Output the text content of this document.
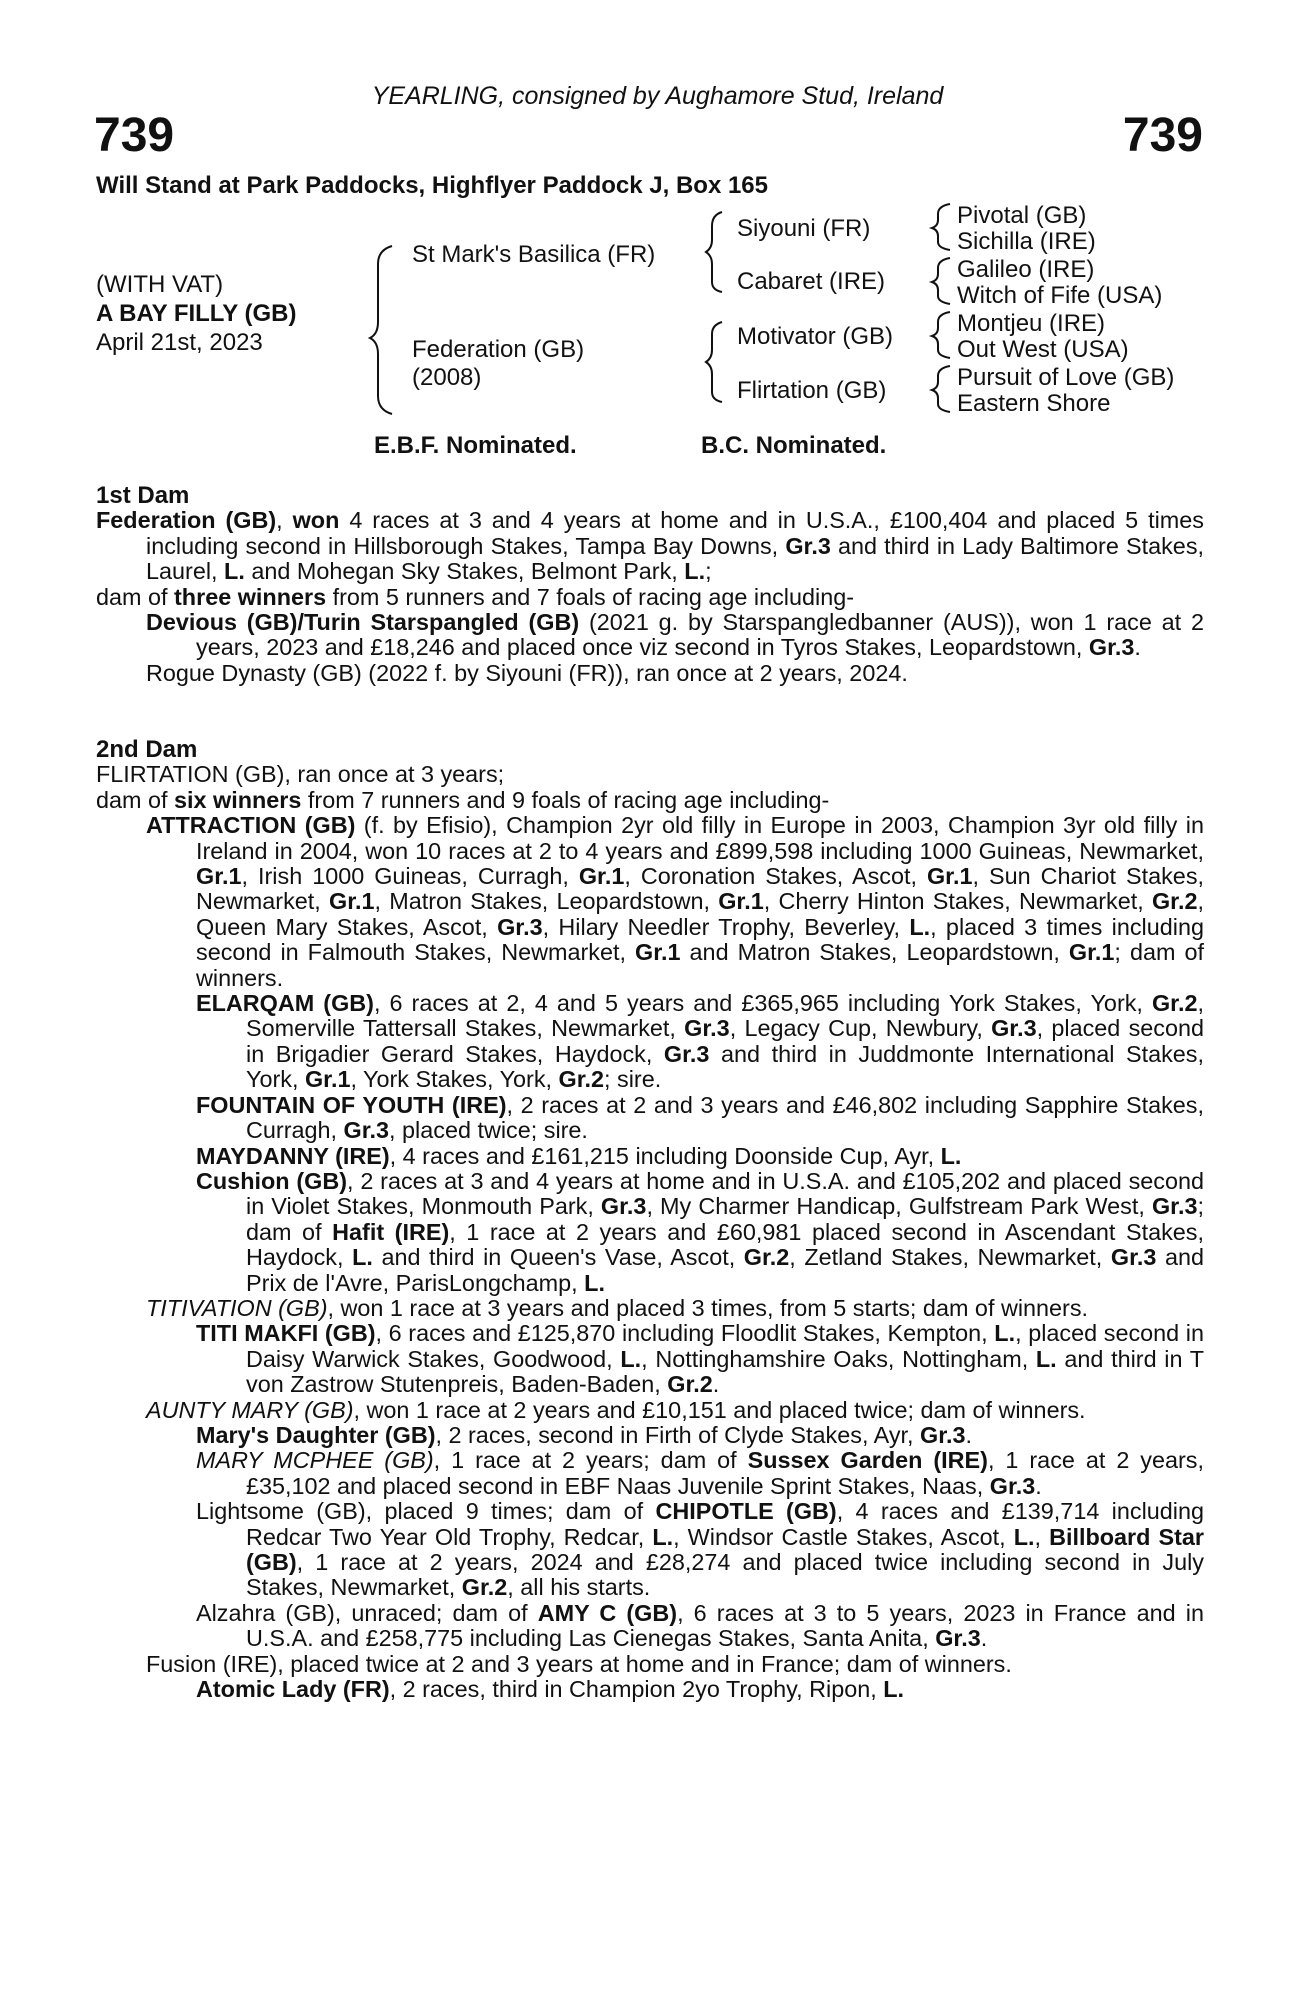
YEARLING, consigned by Aughamore Stud, Ireland
739	739
Will Stand at Park Paddocks, Highflyer Paddock J, Box 165
(WITH VAT)
A BAY FILLY (GB)
April 21st, 2023
St Mark's Basilica (FR)
Federation (GB)
(2008)
Siyouni (FR)
Cabaret (IRE)
Motivator (GB)
Flirtation (GB)
Pivotal (GB)
Sichilla (IRE)
Galileo (IRE)
Witch of Fife (USA)
Montjeu (IRE)
Out West (USA)
Pursuit of Love (GB)
Eastern Shore
E.B.F. Nominated.	B.C. Nominated.
1st Dam

Federation (GB), won 4 races at 3 and 4 years at home and in U.S.A., £100,404 and placed 5 times including second in Hillsborough Stakes, Tampa Bay Downs, Gr.3 and third in Lady Baltimore Stakes, Laurel, L. and Mohegan Sky Stakes, Belmont Park, L.;

dam of three winners from 5 runners and 7 foals of racing age including-

Devious (GB)/Turin Starspangled (GB) (2021 g. by Starspangledbanner (AUS)), won 1 race at 2 years, 2023 and £18,246 and placed once viz second in Tyros Stakes, Leopardstown, Gr.3.

Rogue Dynasty (GB) (2022 f. by Siyouni (FR)), ran once at 2 years, 2024.

2nd Dam

FLIRTATION (GB), ran once at 3 years;

dam of six winners from 7 runners and 9 foals of racing age including-

ATTRACTION (GB) (f. by Efisio), Champion 2yr old filly in Europe in 2003, Champion 3yr old filly in Ireland in 2004, won 10 races at 2 to 4 years and £899,598 including 1000 Guineas, Newmarket, Gr.1, Irish 1000 Guineas, Curragh, Gr.1, Coronation Stakes, Ascot, Gr.1, Sun Chariot Stakes, Newmarket, Gr.1, Matron Stakes, Leopardstown, Gr.1, Cherry Hinton Stakes, Newmarket, Gr.2, Queen Mary Stakes, Ascot, Gr.3, Hilary Needler Trophy, Beverley, L., placed 3 times including second in Falmouth Stakes, Newmarket, Gr.1 and Matron Stakes, Leopardstown, Gr.1; dam of winners.

ELARQAM (GB), 6 races at 2, 4 and 5 years and £365,965 including York Stakes, York, Gr.2, Somerville Tattersall Stakes, Newmarket, Gr.3, Legacy Cup, Newbury, Gr.3, placed second in Brigadier Gerard Stakes, Haydock, Gr.3 and third in Juddmonte International Stakes, York, Gr.1, York Stakes, York, Gr.2; sire.

FOUNTAIN OF YOUTH (IRE), 2 races at 2 and 3 years and £46,802 including Sapphire Stakes, Curragh, Gr.3, placed twice; sire.

MAYDANNY (IRE), 4 races and £161,215 including Doonside Cup, Ayr, L.

Cushion (GB), 2 races at 3 and 4 years at home and in U.S.A. and £105,202 and placed second in Violet Stakes, Monmouth Park, Gr.3, My Charmer Handicap, Gulfstream Park West, Gr.3; dam of Hafit (IRE), 1 race at 2 years and £60,981 placed second in Ascendant Stakes, Haydock, L. and third in Queen's Vase, Ascot, Gr.2, Zetland Stakes, Newmarket, Gr.3 and Prix de l'Avre, ParisLongchamp, L.

TITIVATION (GB), won 1 race at 3 years and placed 3 times, from 5 starts; dam of winners.

TITI MAKFI (GB), 6 races and £125,870 including Floodlit Stakes, Kempton, L., placed second in Daisy Warwick Stakes, Goodwood, L., Nottinghamshire Oaks, Nottingham, L. and third in T von Zastrow Stutenpreis, Baden-Baden, Gr.2.

AUNTY MARY (GB), won 1 race at 2 years and £10,151 and placed twice; dam of winners.

Mary's Daughter (GB), 2 races, second in Firth of Clyde Stakes, Ayr, Gr.3.

MARY MCPHEE (GB), 1 race at 2 years; dam of Sussex Garden (IRE), 1 race at 2 years, £35,102 and placed second in EBF Naas Juvenile Sprint Stakes, Naas, Gr.3.

Lightsome (GB), placed 9 times; dam of CHIPOTLE (GB), 4 races and £139,714 including Redcar Two Year Old Trophy, Redcar, L., Windsor Castle Stakes, Ascot, L., Billboard Star (GB), 1 race at 2 years, 2024 and £28,274 and placed twice including second in July Stakes, Newmarket, Gr.2, all his starts.

Alzahra (GB), unraced; dam of AMY C (GB), 6 races at 3 to 5 years, 2023 in France and in U.S.A. and £258,775 including Las Cienegas Stakes, Santa Anita, Gr.3.

Fusion (IRE), placed twice at 2 and 3 years at home and in France; dam of winners.

Atomic Lady (FR), 2 races, third in Champion 2yo Trophy, Ripon, L.
